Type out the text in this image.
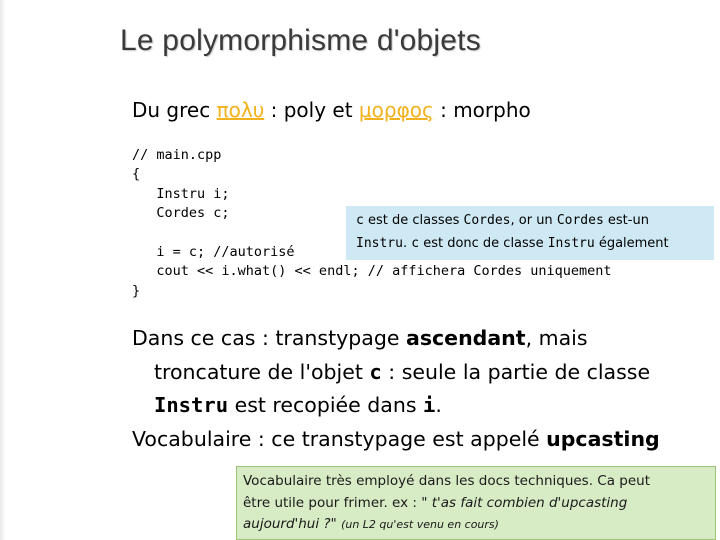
Le polymorphisme d'objets
Du grec πολυ : poly et μορφος : morpho
// main.cpp
{
Instru i;
Cordes c;

i = c; //autorisé
cout << i.what() << endl; // affichera Cordes uniquement
}
c est de classes Cordes, or un Cordes est-un
Instru. c est donc de classe Instru également
Dans ce cas : transtypage ascendant, mais
troncature de l'objet c : seule la partie de classe
Instru est recopiée dans i.
Vocabulaire : ce transtypage est appelé upcasting
Vocabulaire très employé dans les docs techniques. Ca peut
être utile pour frimer. ex : " t'as fait combien d'upcasting
aujourd'hui ?" (un L2 qu'est venu en cours)
